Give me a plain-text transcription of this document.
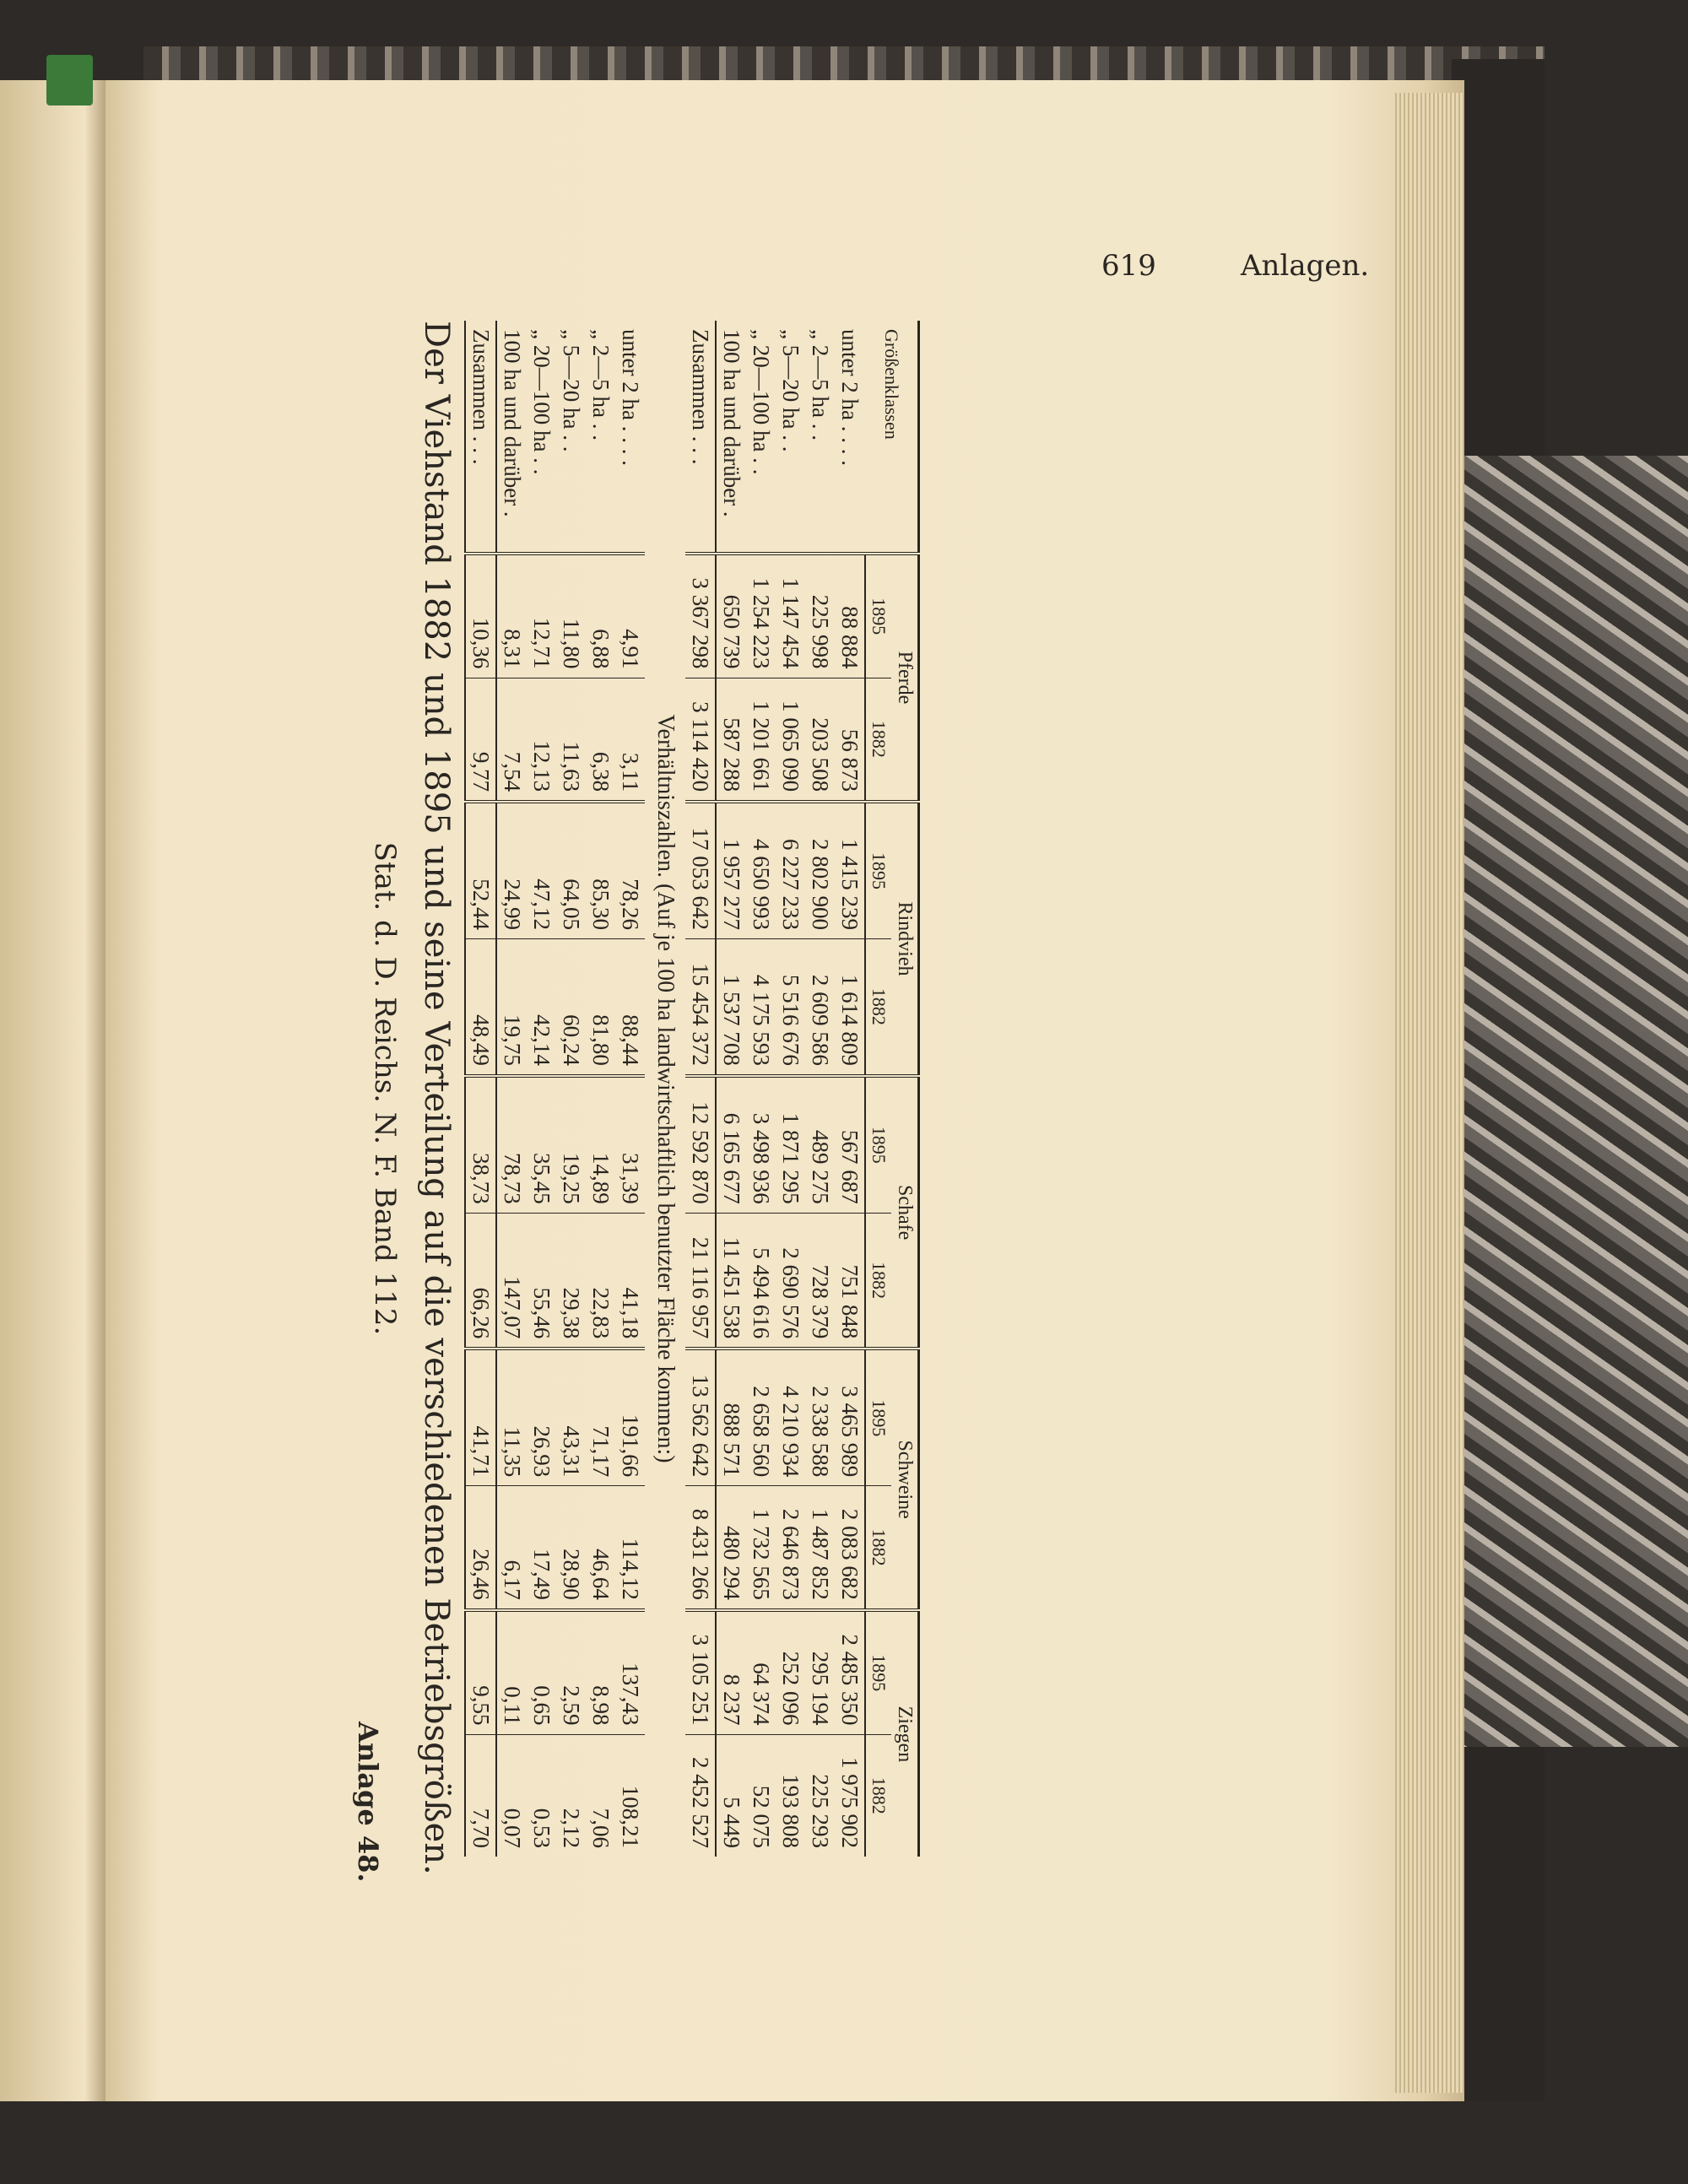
619	Anlagen.
Anlage 48. Der Viehstand 1882 und 1895 und seine Verteilung auf die verschiedenen Betriebsgrößen.
Stat. d. D. Reichs. N. F. Band 112.
Größenklassen	Pferde		Rindvieh		Schafe		Schweine		Ziegen	
	1895	1882	1895	1882	1895	1882	1895	1882	1895	1882
unter 2 ha . . . .	88 884	56 873	1 415 239	1 614 809	567 687	751 848	3 465 989	2 083 682	2 485 350	1 975 902
„ 2—5 ha . .	225 998	203 508	2 802 900	2 609 586	489 275	728 379	2 338 588	1 487 852	295 194	225 293
„ 5—20 ha . .	1 147 454	1 065 090	6 227 233	5 516 676	1 871 295	2 690 576	4 210 934	2 646 873	252 096	193 808
„ 20—100 ha . .	1 254 223	1 201 661	4 650 993	4 175 593	3 498 936	5 494 616	2 658 560	1 732 565	64 374	52 075
100 ha und darüber .	650 739	587 288	1 957 277	1 537 708	6 165 677	11 451 538	888 571	480 294	8 237	5 449
Zusammen . . .	3 367 298	3 114 420	17 053 642	15 454 372	12 592 870	21 116 957	13 562 642	8 431 266	3 105 251	2 452 527
Verhältniszahlen. (Auf je 100 ha landwirtschaftlich benutzter Fläche kommen:)										
unter 2 ha . . . .	4,91	3,11	78,26	88,44	31,39	41,18	191,66	114,12	137,43	108,21
„ 2—5 ha . .	6,88	6,38	85,30	81,80	14,89	22,83	71,17	46,64	8,98	7,06
„ 5—20 ha . .	11,80	11,63	64,05	60,24	19,25	29,38	43,31	28,90	2,59	2,12
„ 20—100 ha . .	12,71	12,13	47,12	42,14	35,45	55,46	26,93	17,49	0,65	0,53
100 ha und darüber .	8,31	7,54	24,99	19,75	78,73	147,07	11,35	6,17	0,11	0,07
Zusammen . . .	10,36	9,77	52,44	48,49	38,73	66,26	41,71	26,46	9,55	7,70
